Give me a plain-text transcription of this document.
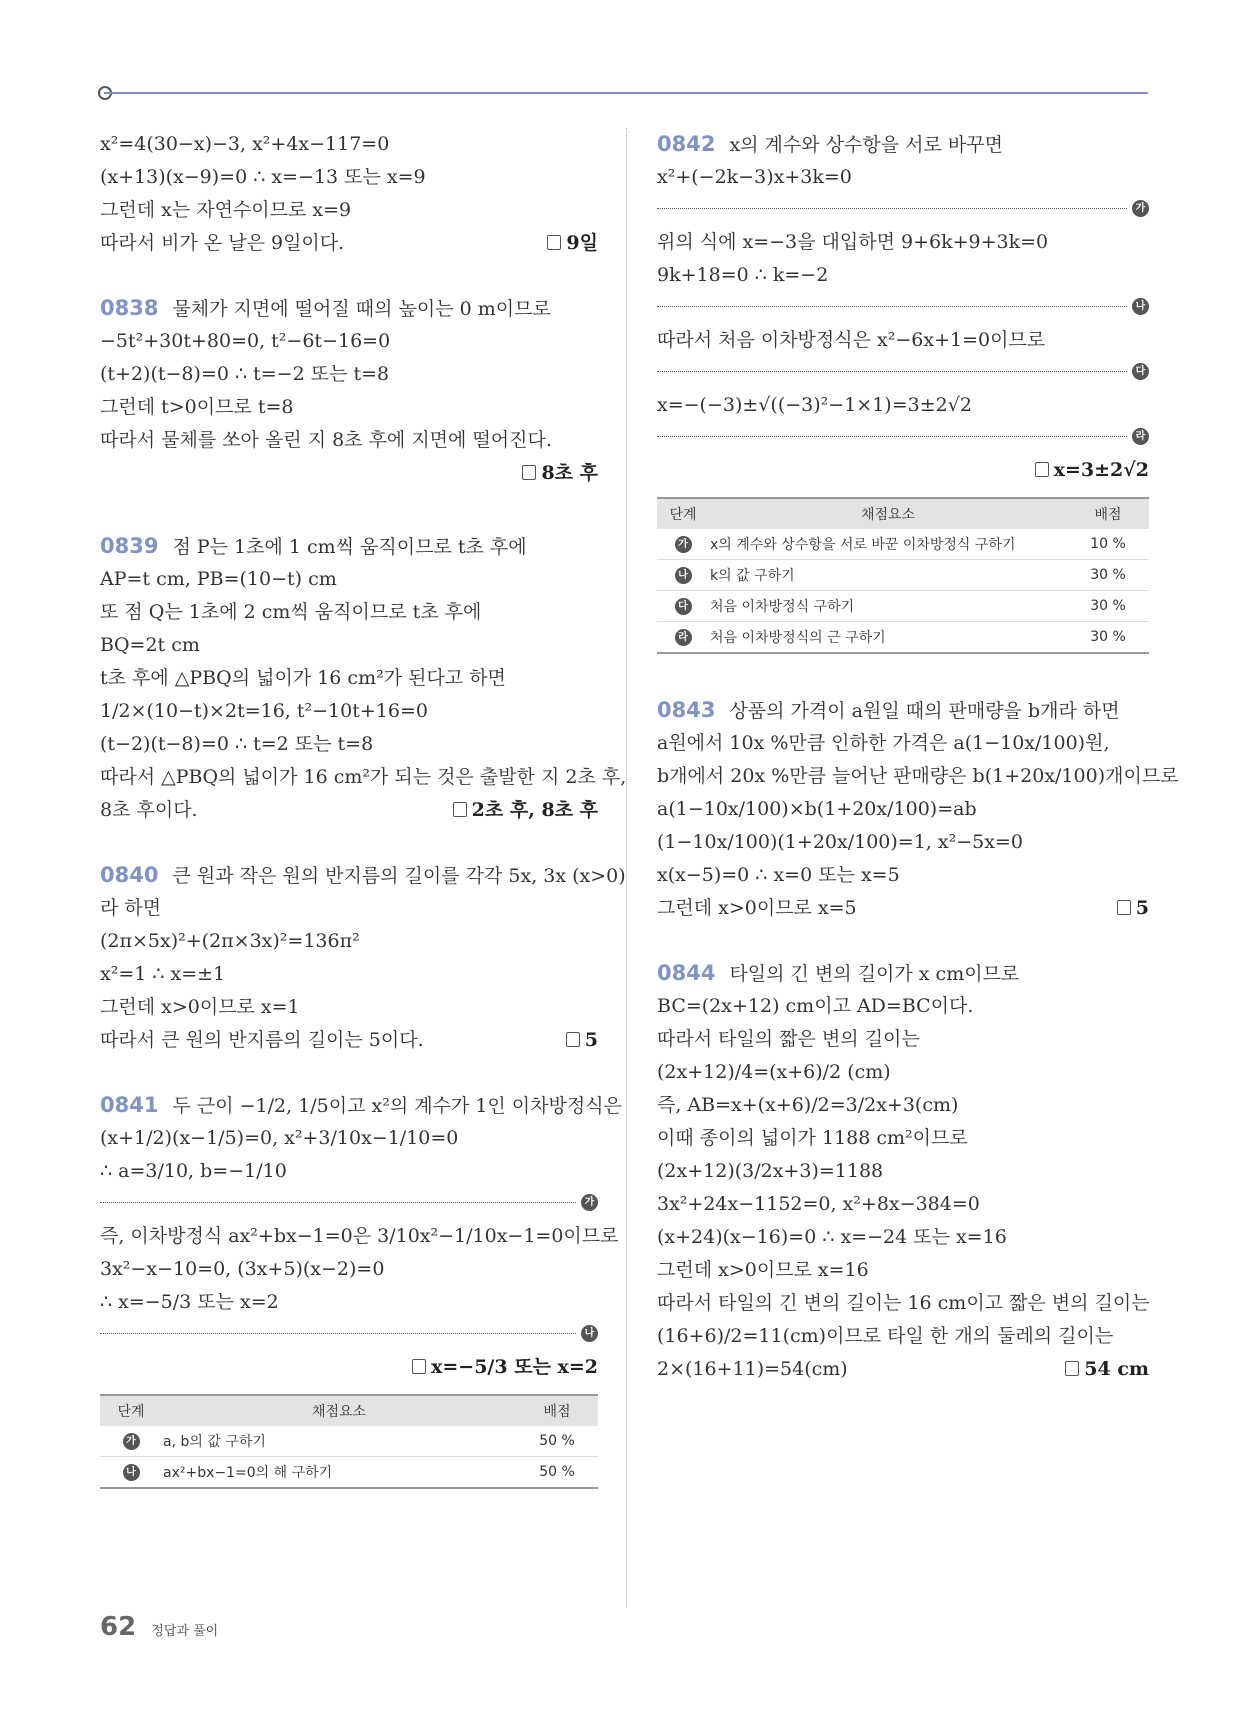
x²=4(30−x)−3, x²+4x−117=0
(x+13)(x−9)=0 ∴ x=−13 또는 x=9
그런데 x는 자연수이므로 x=9
따라서 비가 온 날은 9일이다.	9일
0838 물체가 지면에 떨어질 때의 높이는 0 m이므로
−5t²+30t+80=0, t²−6t−16=0
(t+2)(t−8)=0 ∴ t=−2 또는 t=8
그런데 t>0이므로 t=8
따라서 물체를 쏘아 올린 지 8초 후에 지면에 떨어진다.
8초 후
0839 점 P는 1초에 1 cm씩 움직이므로 t초 후에
AP=t cm, PB=(10−t) cm
또 점 Q는 1초에 2 cm씩 움직이므로 t초 후에
BQ=2t cm
t초 후에 △PBQ의 넓이가 16 cm²가 된다고 하면
1/2×(10−t)×2t=16, t²−10t+16=0
(t−2)(t−8)=0 ∴ t=2 또는 t=8
따라서 △PBQ의 넓이가 16 cm²가 되는 것은 출발한 지 2초 후,
8초 후이다.	2초 후, 8초 후
0840 큰 원과 작은 원의 반지름의 길이를 각각 5x, 3x (x>0)
라 하면
(2π×5x)²+(2π×3x)²=136π²
x²=1 ∴ x=±1
그런데 x>0이므로 x=1
따라서 큰 원의 반지름의 길이는 5이다.	5
0841 두 근이 −1/2, 1/5이고 x²의 계수가 1인 이차방정식은
(x+1/2)(x−1/5)=0, x²+3/10x−1/10=0
∴ a=3/10, b=−1/10
가
즉, 이차방정식 ax²+bx−1=0은 3/10x²−1/10x−1=0이므로
3x²−x−10=0, (3x+5)(x−2)=0
∴ x=−5/3 또는 x=2
나
x=−5/3 또는 x=2
단계	채점요소	배점
가	a, b의 값 구하기	50 %
나	ax²+bx−1=0의 해 구하기	50 %
0842 x의 계수와 상수항을 서로 바꾸면
x²+(−2k−3)x+3k=0
가
위의 식에 x=−3을 대입하면 9+6k+9+3k=0
9k+18=0 ∴ k=−2
나
따라서 처음 이차방정식은 x²−6x+1=0이므로
다
x=−(−3)±√((−3)²−1×1)=3±2√2
라
x=3±2√2
단계	채점요소	배점
가	x의 계수와 상수항을 서로 바꾼 이차방정식 구하기	10 %
나	k의 값 구하기	30 %
다	처음 이차방정식 구하기	30 %
라	처음 이차방정식의 근 구하기	30 %
0843 상품의 가격이 a원일 때의 판매량을 b개라 하면
a원에서 10x %만큼 인하한 가격은 a(1−10x/100)원,
b개에서 20x %만큼 늘어난 판매량은 b(1+20x/100)개이므로
a(1−10x/100)×b(1+20x/100)=ab
(1−10x/100)(1+20x/100)=1, x²−5x=0
x(x−5)=0 ∴ x=0 또는 x=5
그런데 x>0이므로 x=5	5
0844 타일의 긴 변의 길이가 x cm이므로
BC=(2x+12) cm이고 AD=BC이다.
따라서 타일의 짧은 변의 길이는
(2x+12)/4=(x+6)/2 (cm)
즉, AB=x+(x+6)/2=3/2x+3(cm)
이때 종이의 넓이가 1188 cm²이므로
(2x+12)(3/2x+3)=1188
3x²+24x−1152=0, x²+8x−384=0
(x+24)(x−16)=0 ∴ x=−24 또는 x=16
그런데 x>0이므로 x=16
따라서 타일의 긴 변의 길이는 16 cm이고 짧은 변의 길이는
(16+6)/2=11(cm)이므로 타일 한 개의 둘레의 길이는
2×(16+11)=54(cm)	54 cm
62 정답과 풀이
